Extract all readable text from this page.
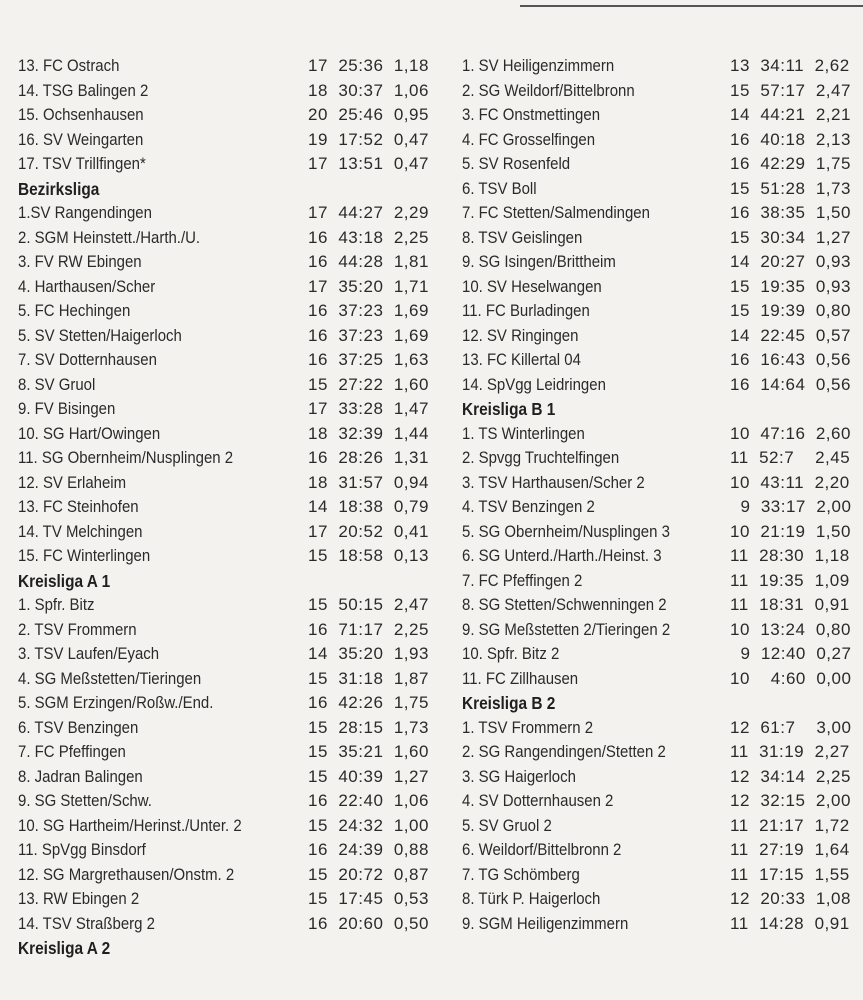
13. FC Ostrach	17  25:36  1,18
14. TSG Balingen 2	18  30:37  1,06
15. Ochsenhausen	20  25:46  0,95
16. SV Weingarten	19  17:52  0,47
17. TSV Trillfingen*	17  13:51  0,47
Bezirksliga
1.SV Rangendingen	17  44:27  2,29
2. SGM Heinstett./Harth./U.	16  43:18  2,25
3. FV RW Ebingen	16  44:28  1,81
4. Harthausen/Scher	17  35:20  1,71
5. FC Hechingen	16  37:23  1,69
5. SV Stetten/Haigerloch	16  37:23  1,69
7. SV Dotternhausen	16  37:25  1,63
8. SV Gruol	15  27:22  1,60
9. FV Bisingen	17  33:28  1,47
10. SG Hart/Owingen	18  32:39  1,44
11. SG Obernheim/Nusplingen 2	16  28:26  1,31
12. SV Erlaheim	18  31:57  0,94
13. FC Steinhofen	14  18:38  0,79
14. TV Melchingen	17  20:52  0,41
15. FC Winterlingen	15  18:58  0,13
Kreisliga A 1
1. Spfr. Bitz	15  50:15  2,47
2. TSV Frommern	16  71:17  2,25
3. TSV Laufen/Eyach	14  35:20  1,93
4. SG Meßstetten/Tieringen	15  31:18  1,87
5. SGM Erzingen/Roßw./End.	16  42:26  1,75
6. TSV Benzingen	15  28:15  1,73
7. FC Pfeffingen	15  35:21  1,60
8. Jadran Balingen	15  40:39  1,27
9. SG Stetten/Schw.	16  22:40  1,06
10. SG Hartheim/Herinst./Unter. 2	15  24:32  1,00
11. SpVgg Binsdorf	16  24:39  0,88
12. SG Margrethausen/Onstm. 2	15  20:72  0,87
13. RW Ebingen 2	15  17:45  0,53
14. TSV Straßberg 2	16  20:60  0,50
Kreisliga A 2
1. SV Heiligenzimmern	13  34:11  2,62
2. SG Weildorf/Bittelbronn	15  57:17  2,47
3. FC Onstmettingen	14  44:21  2,21
4. FC Grosselfingen	16  40:18  2,13
5. SV Rosenfeld	16  42:29  1,75
6. TSV Boll	15  51:28  1,73
7. FC Stetten/Salmendingen	16  38:35  1,50
8. TSV Geislingen	15  30:34  1,27
9. SG Isingen/Brittheim	14  20:27  0,93
10. SV Heselwangen	15  19:35  0,93
11. FC Burladingen	15  19:39  0,80
12. SV Ringingen	14  22:45  0,57
13. FC Killertal 04	16  16:43  0,56
14. SpVgg Leidringen	16  14:64  0,56
Kreisliga B 1
1. TS Winterlingen	10  47:16  2,60
2. Spvgg Truchtelfingen	11  52:7    2,45
3. TSV Harthausen/Scher 2	10  43:11  2,20
4. TSV Benzingen 2	9  33:17  2,00
5. SG Obernheim/Nusplingen 3	10  21:19  1,50
6. SG Unterd./Harth./Heinst. 3	11  28:30  1,18
7. FC Pfeffingen 2	11  19:35  1,09
8. SG Stetten/Schwenningen 2	11  18:31  0,91
9. SG Meßstetten 2/Tieringen 2	10  13:24  0,80
10. Spfr. Bitz 2	9  12:40  0,27
11. FC Zillhausen	10    4:60  0,00
Kreisliga B 2
1. TSV Frommern 2	12  61:7    3,00
2. SG Rangendingen/Stetten 2	11  31:19  2,27
3. SG Haigerloch	12  34:14  2,25
4. SV Dotternhausen 2	12  32:15  2,00
5. SV Gruol 2	11  21:17  1,72
6. Weildorf/Bittelbronn 2	11  27:19  1,64
7. TG Schömberg	11  17:15  1,55
8. Türk P. Haigerloch	12  20:33  1,08
9. SGM Heiligenzimmern	11  14:28  0,91
